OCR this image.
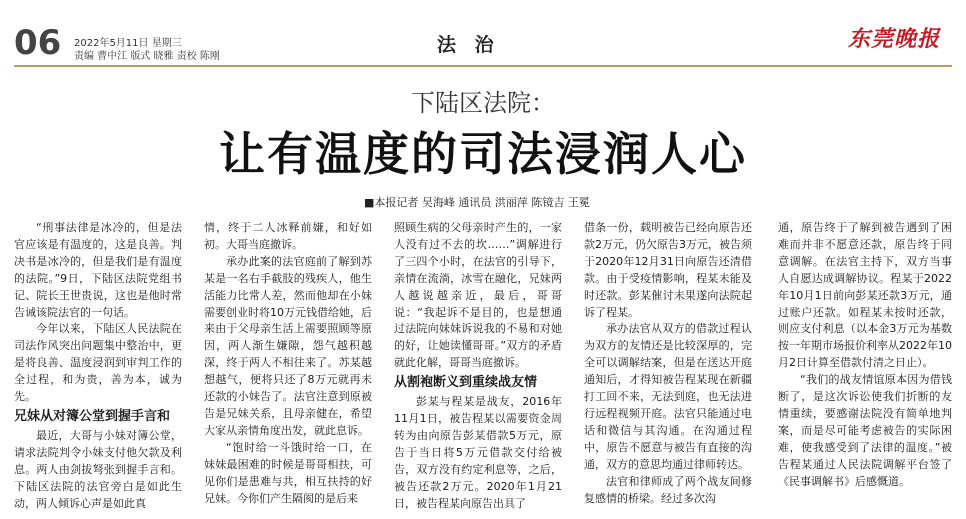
06 2022年5月11日 星期三
责编 曹中江 版式 晓雅 责校 陈刚
法 治	东莞晚报
下陆区法院：
让有温度的司法浸润人心
■本报记者 吴海峰 通讯员 洪丽萍 陈镜吉 王冕

“刑事法律是冰冷的，但是法官应该是有温度的，这是良善。判决书是冰冷的，但是我们是有温度的法院。”9日，下陆区法院党组书记、院长王世贵说，这也是他时常告诫该院法官的一句话。

今年以来，下陆区人民法院在司法作风突出问题集中整治中，更是将良善、温度浸润到审判工作的全过程，和为贵，善为本，诚为先。

兄妹从对簿公堂到握手言和

最近，大哥与小妹对簿公堂，请求法院判令小妹支付他欠款及利息。两人由剑拔弩张到握手言和。下陆区法院的法官旁白是如此生动，两人倾诉心声是如此真

情，终于二人冰释前嫌，和好如初。大哥当庭撤诉。

承办此案的法官庭前了解到苏某是一名右手截肢的残疾人，他生活能力比常人差，然而他却在小妹需要创业时将10万元钱借给她，后来由于父母亲生活上需要照顾等原因，两人渐生嫌隙，怨气越积越深，终于两人不相往来了。苏某越想越气，便将只还了8万元就再未还款的小妹告了。法官注意到原被告是兄妹关系，且母亲健在，希望大家从亲情角度出发，就此息诉。

“饱时给一斗饿时给一口，在妹妹最困难的时候是哥哥相扶，可见你们是患难与共，相互扶持的好兄妹。今你们产生隔阂的是后来

照顾生病的父母亲时产生的，一家人没有过不去的坎……”调解进行了三四个小时，在法官的引导下，亲情在流淌，冰雪在融化，兄妹两人越说越亲近，最后，哥哥说：“我起诉不是目的，也是想通过法院向妹妹诉说我的不易和对她的好，让她读懂哥哥。”双方的矛盾就此化解，哥哥当庭撤诉。

从割袍断义到重续战友情

彭某与程某是战友，2016年11月1日，被告程某以需要资金周转为由向原告彭某借款5万元，原告于当日将5万元借款交付给被告，双方没有约定利息等，之后，被告还款2万元。2020年1月21日，被告程某向原告出具了

借条一份，载明被告已经向原告还款2万元，仍欠原告3万元，被告须于2020年12月31日向原告还清借款。由于受疫情影响，程某未能及时还款。彭某催讨未果遂向法院起诉了程某。

承办法官从双方的借款过程认为双方的友情还是比较深厚的，完全可以调解结案，但是在送达开庭通知后，才得知被告程某现在新疆打工回不来，无法到庭，也无法进行远程视频开庭。法官只能通过电话和微信与其沟通。在沟通过程中，原告不愿意与被告有直接的沟通，双方的意思均通过律师转达。

法官和律师成了两个战友间修复感情的桥梁。经过多次沟

通，原告终于了解到被告遇到了困难而并非不愿意还款，原告终于同意调解。在法官主持下，双方当事人自愿达成调解协议。程某于2022年10月1日前向彭某还款3万元，通过账户还款。如程某未按时还款，则应支付利息（以本金3万元为基数按一年期市场报价利率从2022年10月2日计算至借款付清之日止）。

“我们的战友情谊原本因为借钱断了，是这次诉讼使我们折断的友情重续，要感谢法院没有简单地判案，而是尽可能考虑被告的实际困难，使我感受到了法律的温度。”被告程某通过人民法院调解平台签了《民事调解书》后感慨道。
